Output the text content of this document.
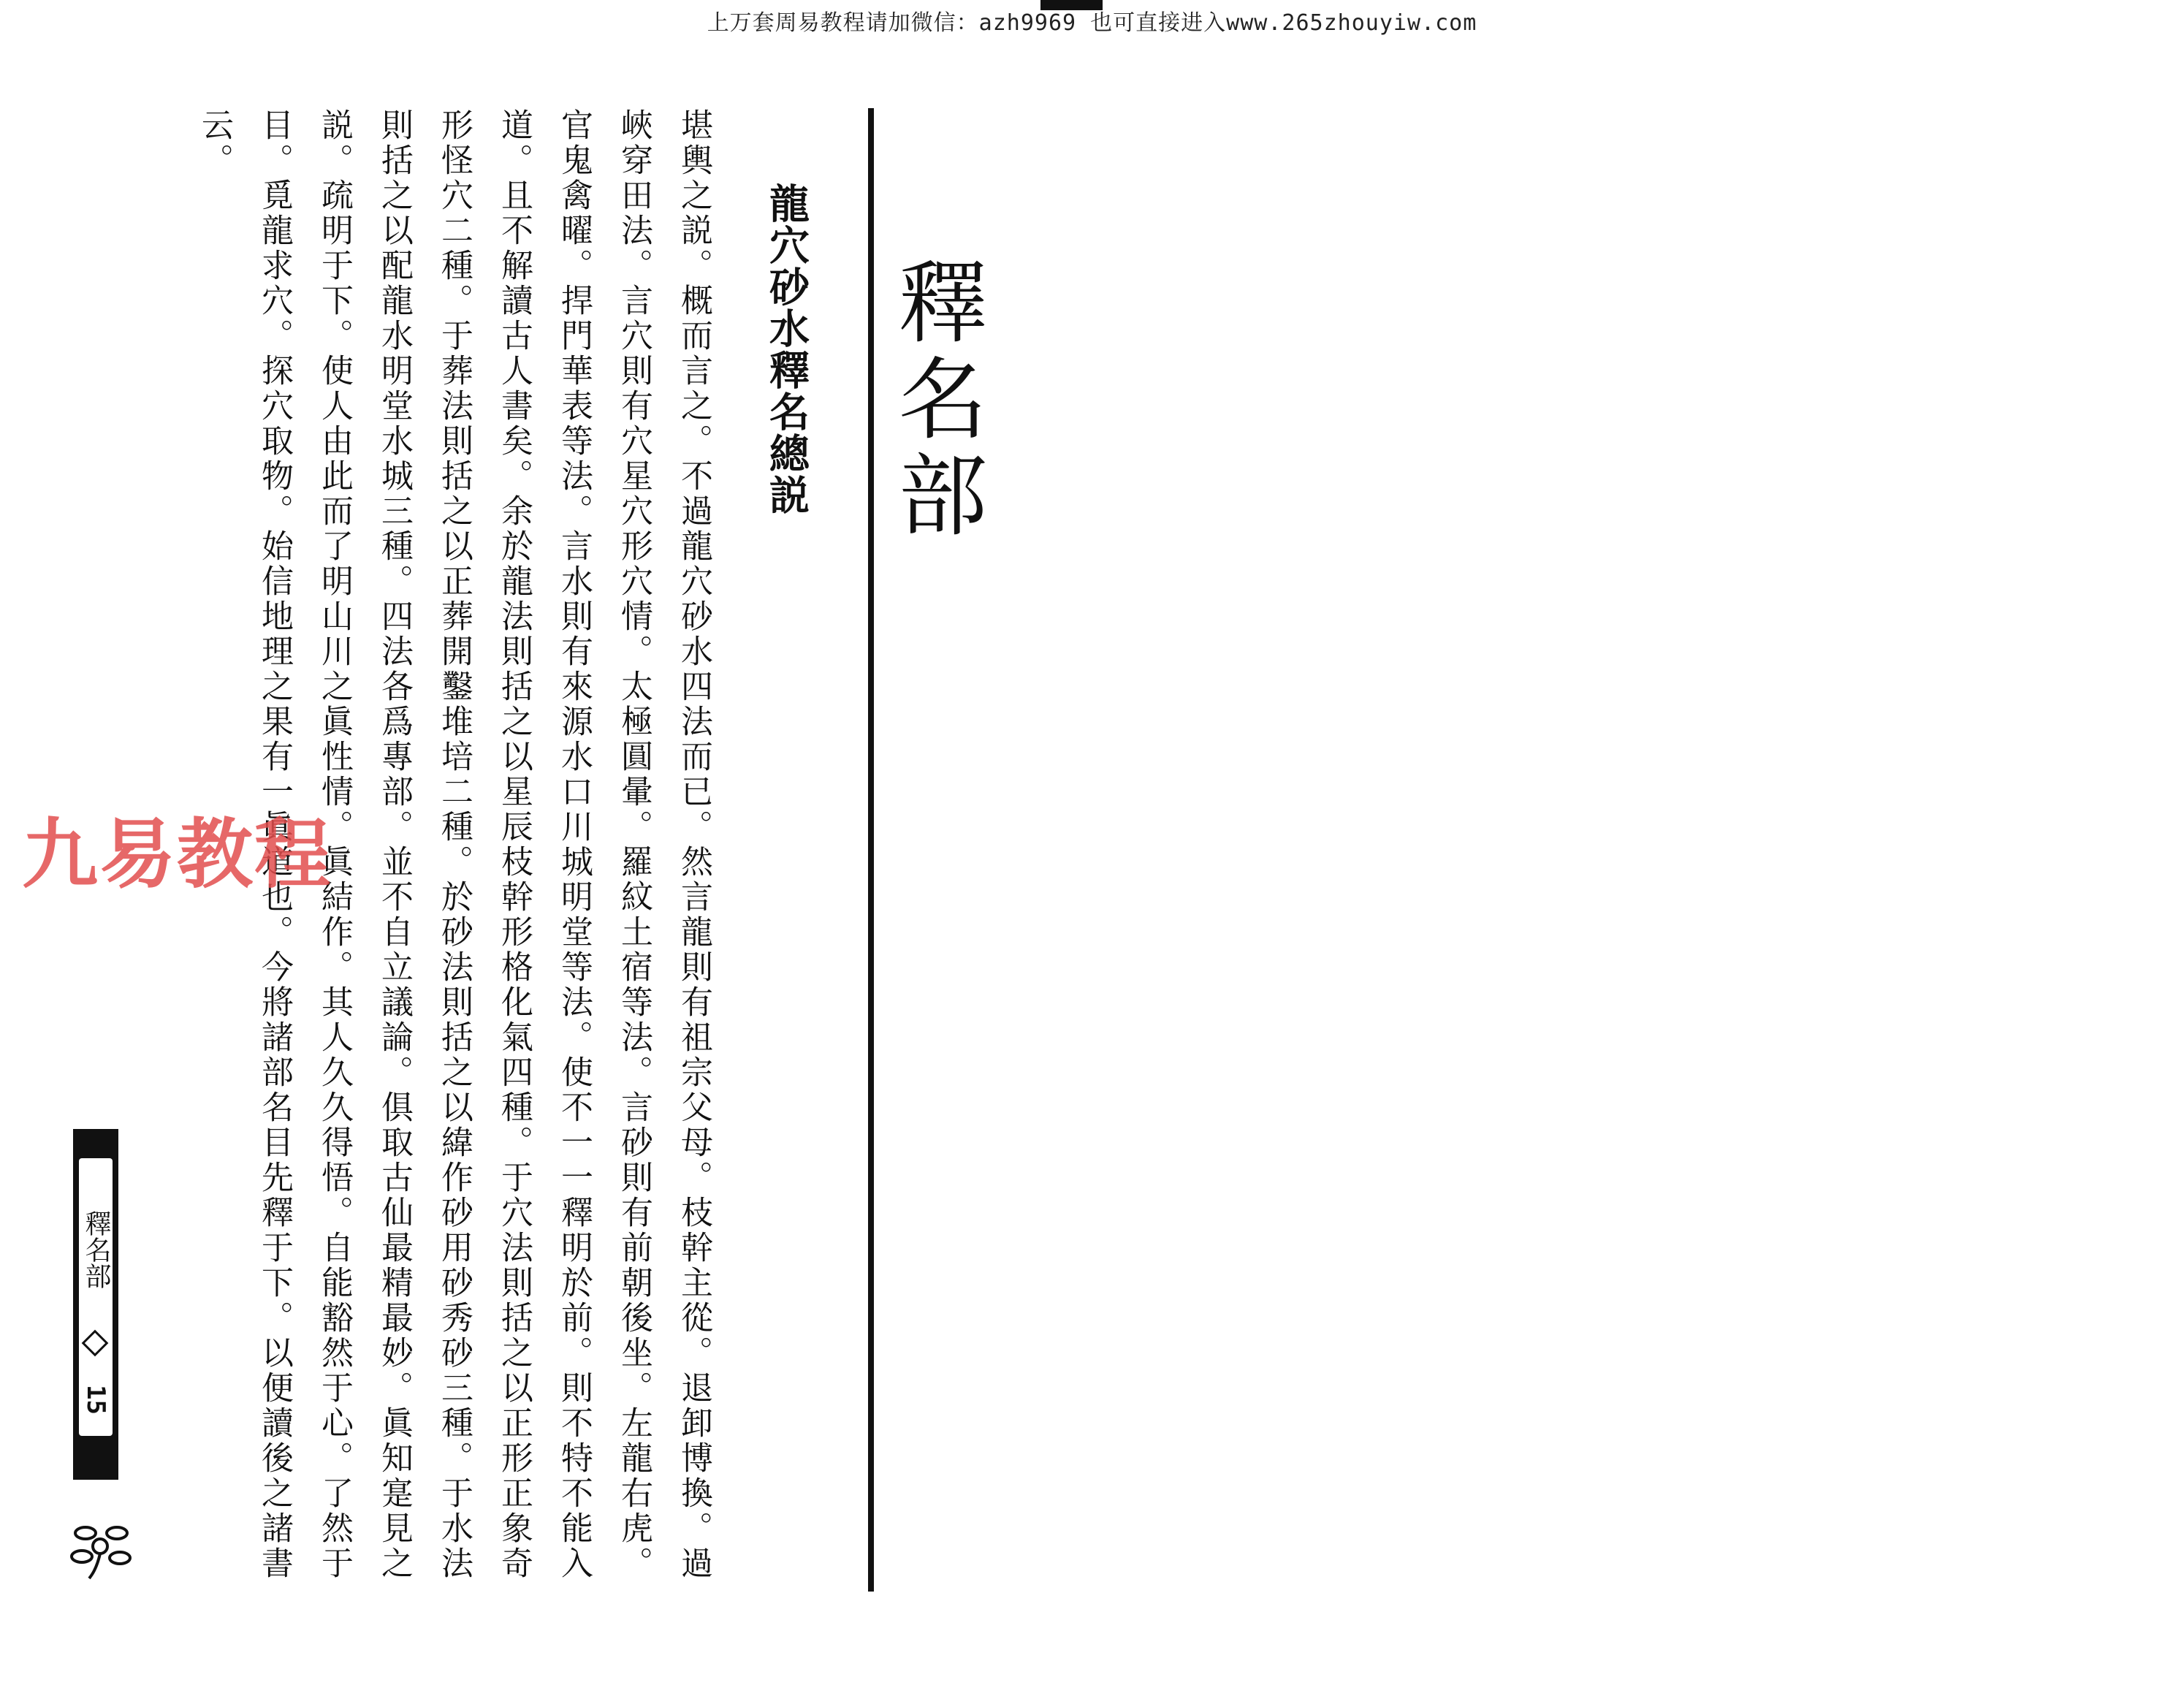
上万套周易教程请加微信：azh9969 也可直接进入www.265zhouyiw.com
釋名部
龍穴砂水釋名總説
堪輿之説。概而言之。不過龍穴砂水四法而已。然言龍則有祖宗父母。枝幹主從。退卸博換。過峽穿田法。言穴則有穴星穴形穴情。太極圓暈。羅紋土宿等法。言砂則有前朝後坐。左龍右虎。官鬼禽曜。捍門華表等法。言水則有來源水口川城明堂等法。使不一一釋明於前。則不特不能入道。且不解讀古人書矣。余於龍法則括之以星辰枝幹形格化氣四種。于穴法則括之以正形正象奇形怪穴二種。于葬法則括之以正葬開鑿堆培二種。於砂法則括之以緯作砂用砂秀砂三種。于水法則括之以配龍水明堂水城三種。四法各爲專部。並不自立議論。俱取古仙最精最妙。眞知寔見之説。疏明于下。使人由此而了明山川之眞性情。眞結作。其人久久得悟。自能豁然于心。了然于目。覓龍求穴。探穴取物。始信地理之果有一眞道也。今將諸部名目先釋于下。以便讀後之諸書云。
九易教程
釋名部
15
